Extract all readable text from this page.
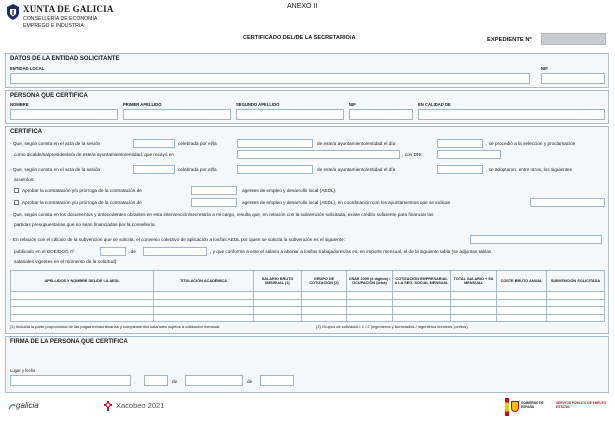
XUNTA DE GALICIA
CONSELLERÍA DE ECONOMÍA
EMPREGO E INDUSTRIA
ANEXO II
CERTIFICADO DEL/DE LA SECRETARIO/A	EXPEDIENTE Nº
DATOS DE LA ENTIDAD SOLICITANTE
ENTIDAD LOCAL	NIF
PERSONA QUE CERTIFICA
NOMBRE	PRIMER APELLIDO	SEGUNDO APELLIDO	NIF	EN CALIDAD DE
CERTIFICA
- Que, según consta en el acta de la sesión	celebrada por el/la	de este/a ayuntamiento/entidad el día	, se procedió a la selección y proclamación
como alcalde/sa/presidente/a de este/a ayuntamiento/entidad, que recayó en	, con DNI
- Que, según consta en el acta de la sesión	celebrada por el/la	de este/a ayuntamiento/entidad el día	, se adoptaron, entre otros, los siguientes
acuerdos:
Aprobar la contratación y/o prórroga de la contratación de	agentes de empleo y desarrollo local (AEDL).
Aprobar la contratación y/o prórroga de la contratación de	agentes de empleo y desarrollo local (AEDL), en coordinación con los ayuntamientos que se indican
- Que, según consta en los documentos y antecedentes obrantes en esta intervención/secretaría a mi cargo, resulta que, en relación con la subvención solicitada, existe crédito suficiente para financiar las
partidas presupuestarias que no sean financiadas por la consellería.
- En relación con el cálculo de la subvención que se solicita, el convenio colectivo de aplicación a los/las AEDL por quien se solicita la subvención es el siguiente:
publicado en el BOE/DOG nº	, de	, y que conforme a este el salario a abonar a los/las trabajadores/as es, en importe mensual, el de la siguiente tabla (se adjuntan tablas
salariales vigentes en el momento de la solicitud):
APELLIDOS Y NOMBRE DEL/DE LA AEDL	TITULACIÓN ACADÉMICA	SALARIO BRUTO MENSUAL (1)	GRUPO DE COTIZACIÓN (2)	CNAE 2009 (4 dígitos) / OCUPACIÓN (letra)	COTIZACIÓN EMPRESARIAL A LA SEG. SOCIAL MENSUAL	TOTAL SALARIO + SS MENSUAL	COSTE BRUTO ANUAL	SUBVENCIÓN SOLICITADA

(1) Incluida la parte proporcional de las pagas extraordinarias y complementos salariales sujetos a cotización mensual.	(2) Grupos de cotización: 1 / 2 (ingenieros y licenciados / ingenieros técnicos, peritos).
FIRMA DE LA PERSONA QUE CERTIFICA
Lugar y fecha
,	de	de
galicia	Xacobeo 2021	GOBIERNO DE ESPAÑA
SERVICIO PÚBLICO DE EMPLEO ESTATAL
